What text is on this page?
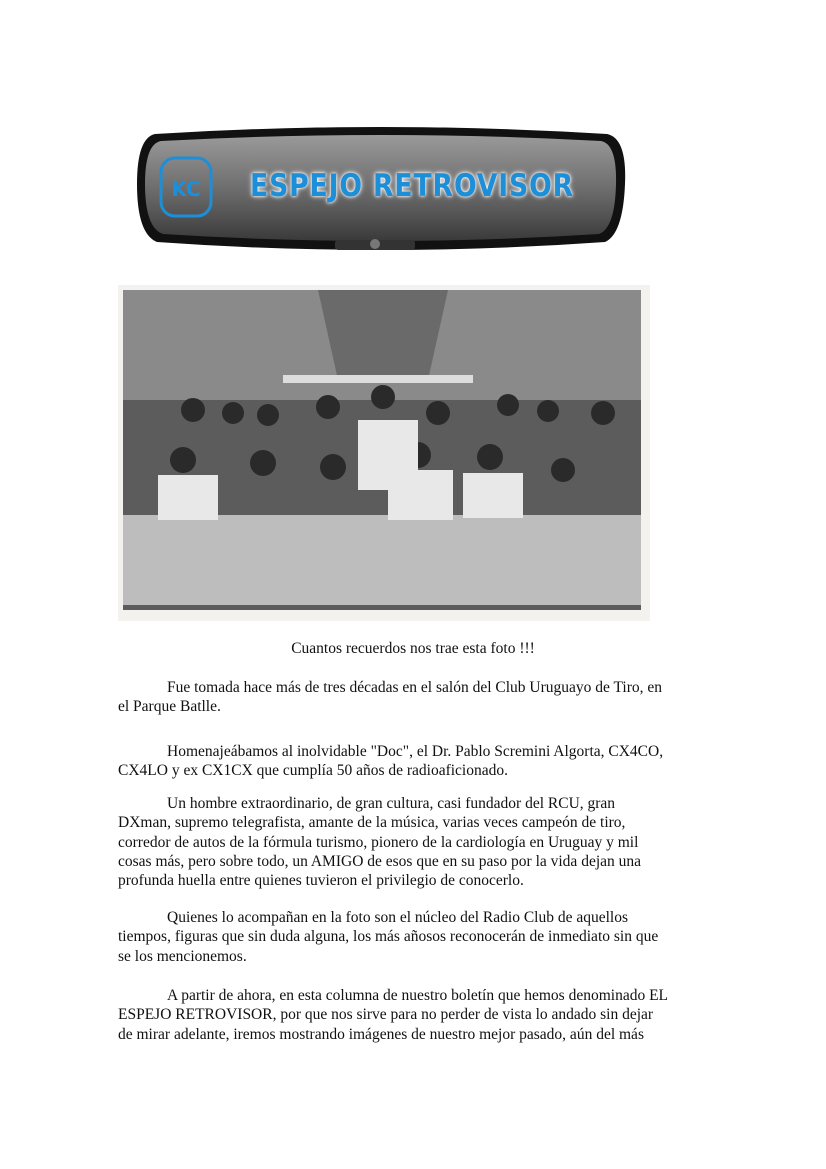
KC ESPEJO RETROVISOR
Cuantos recuerdos nos trae esta foto !!!
Fue tomada hace más de tres décadas en el salón del Club Uruguayo de Tiro, en
el Parque Batlle.
Homenajeábamos al inolvidable "Doc", el Dr. Pablo Scremini Algorta, CX4CO,
CX4LO y ex CX1CX que cumplía 50 años de radioaficionado.
Un hombre extraordinario, de gran cultura, casi fundador del RCU, gran
DXman, supremo telegrafista, amante de la música, varias veces campeón de tiro,
corredor de autos de la fórmula turismo, pionero de la cardiología en Uruguay y mil
cosas más, pero sobre todo, un AMIGO de esos que en su paso por la vida dejan una
profunda huella entre quienes tuvieron el privilegio de conocerlo.
Quienes lo acompañan en la foto son el núcleo del Radio Club de aquellos
tiempos, figuras que sin duda alguna, los más añosos reconocerán de inmediato sin que
se los mencionemos.
A partir de ahora, en esta columna de nuestro boletín que hemos denominado EL
ESPEJO RETROVISOR, por que nos sirve para no perder de vista lo andado sin dejar
de mirar adelante, iremos mostrando imágenes de nuestro mejor pasado, aún del más
